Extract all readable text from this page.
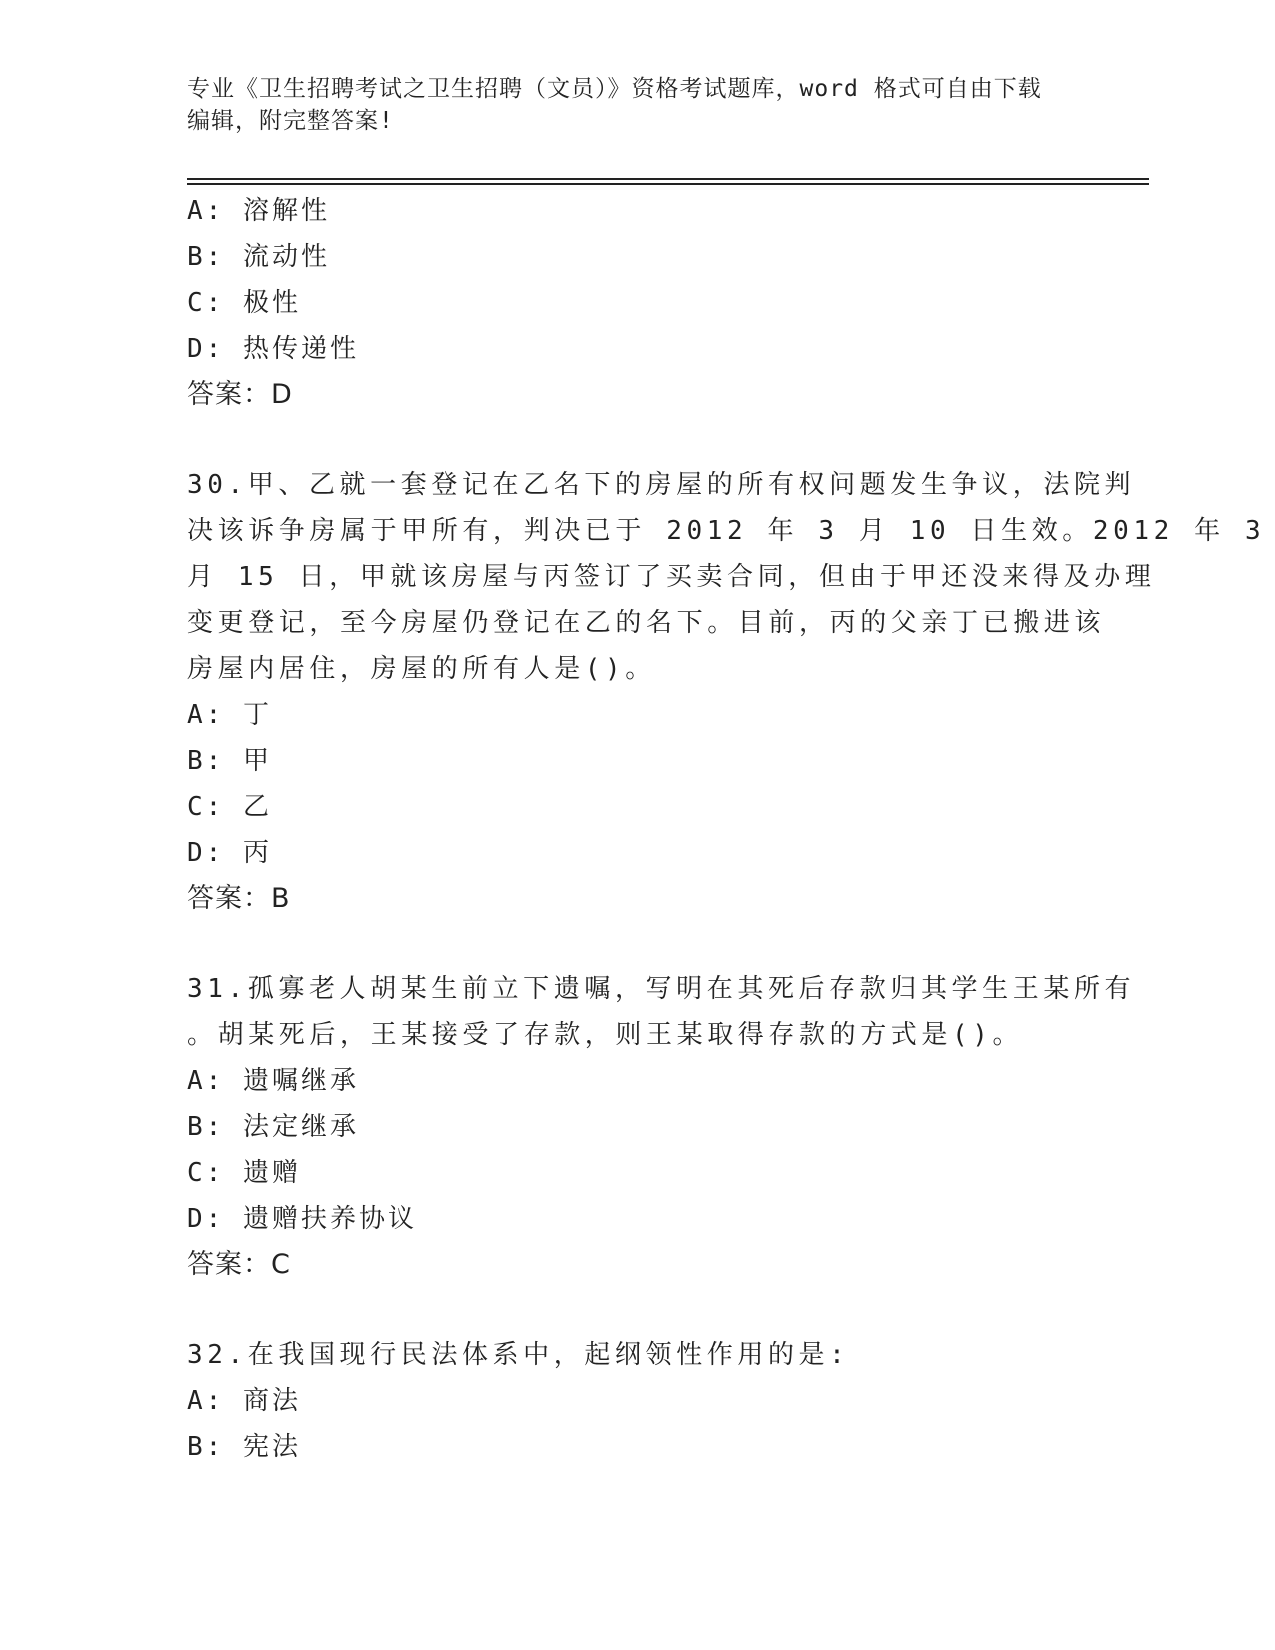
专业《卫生招聘考试之卫生招聘（文员）》资格考试题库，word 格式可自由下载
编辑，附完整答案!
A: 溶解性
B: 流动性
C: 极性
D: 热传递性
答案：D
30.甲、乙就一套登记在乙名下的房屋的所有权问题发生争议，法院判
决该诉争房属于甲所有，判决已于 2012 年 3 月 10 日生效。2012 年 3
月 15 日，甲就该房屋与丙签订了买卖合同，但由于甲还没来得及办理
变更登记，至今房屋仍登记在乙的名下。目前，丙的父亲丁已搬进该
房屋内居住，房屋的所有人是()。
A: 丁
B: 甲
C: 乙
D: 丙
答案：B
31.孤寡老人胡某生前立下遗嘱，写明在其死后存款归其学生王某所有
。胡某死后，王某接受了存款，则王某取得存款的方式是()。
A: 遗嘱继承
B: 法定继承
C: 遗赠
D: 遗赠扶养协议
答案：C
32.在我国现行民法体系中，起纲领性作用的是:
A: 商法
B: 宪法
